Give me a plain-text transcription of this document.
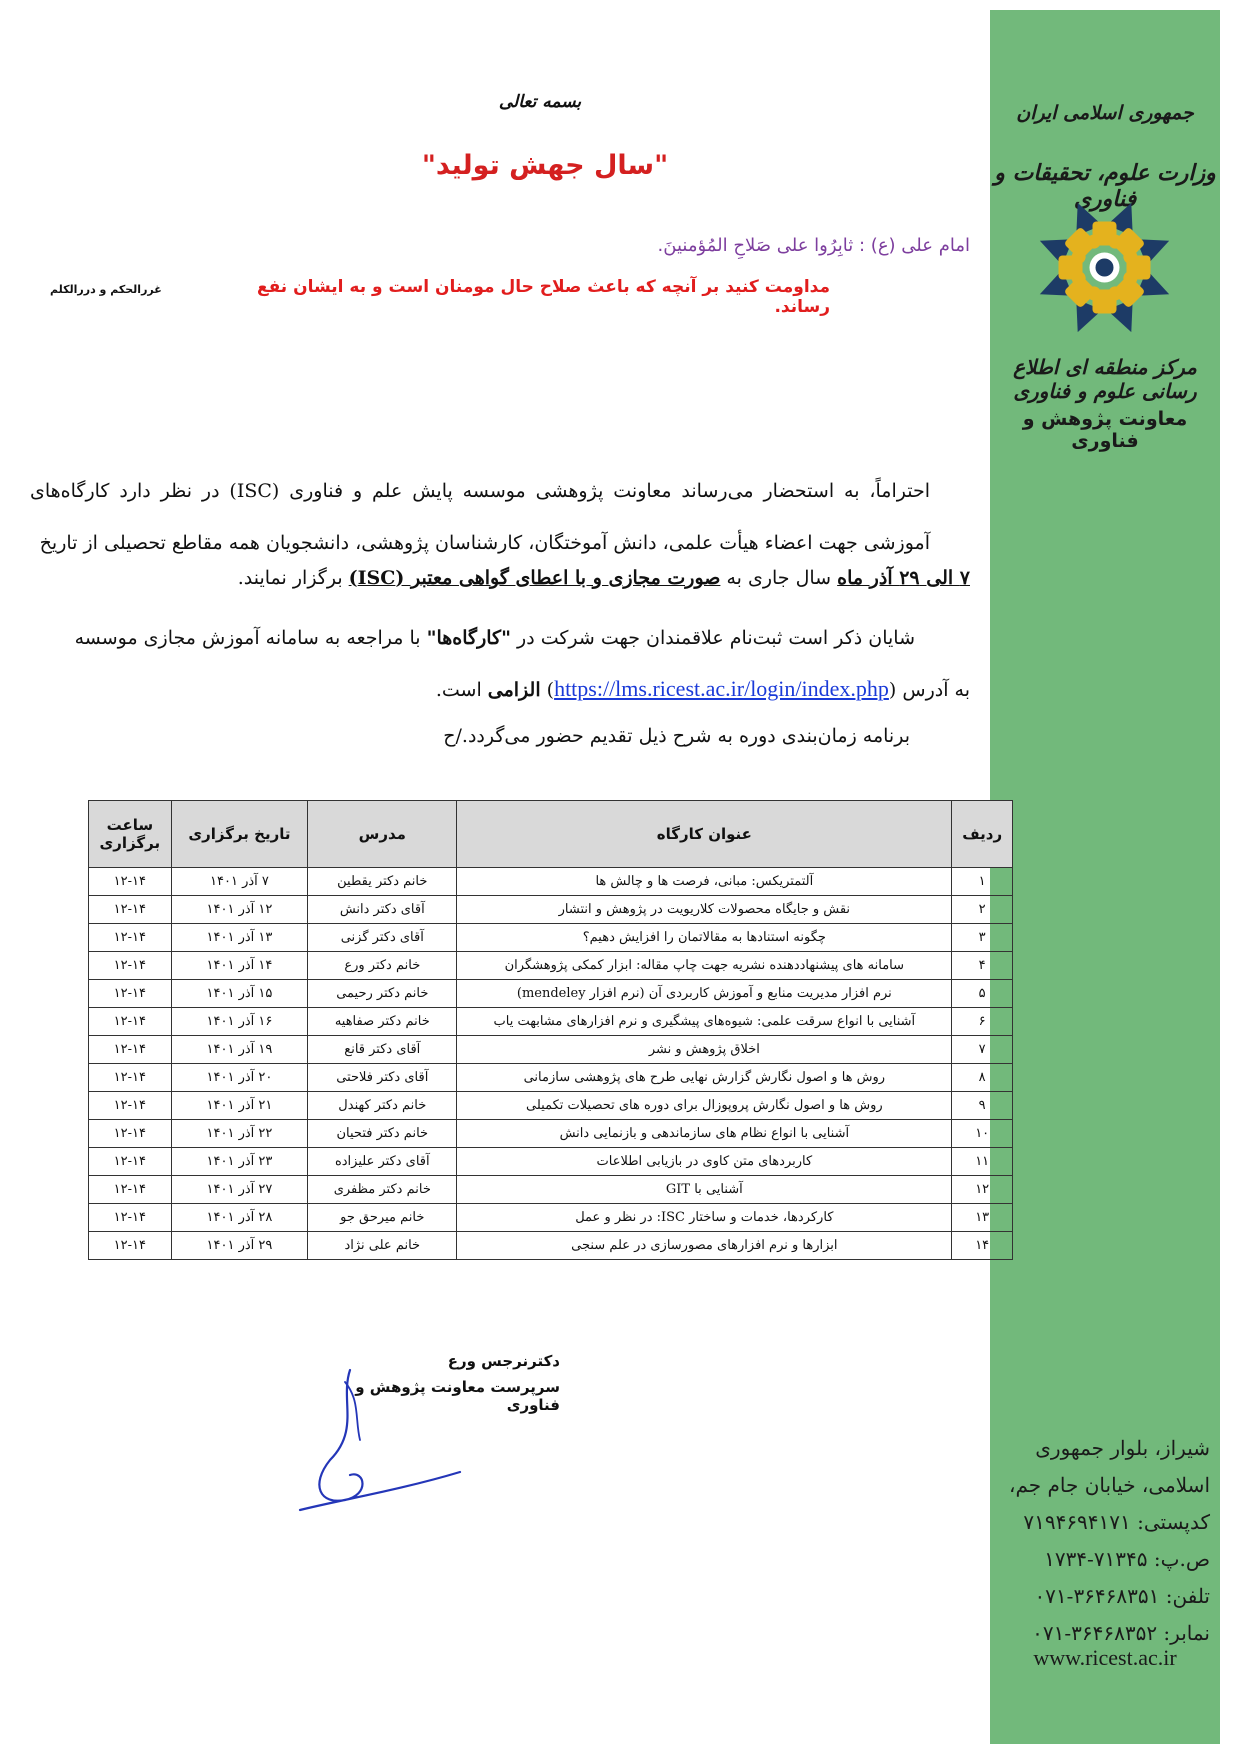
جمهوری اسلامی ایران
وزارت علوم، تحقیقات و فناوری
مرکز منطقه ای اطلاع رسانی علوم و فناوری
معاونت پژوهش و فناوری
شیراز، بلوار جمهوری
اسلامی، خیابان جام جم،
کدپستی: ۷۱۹۴۶۹۴۱۷۱
ص.پ: ۷۱۳۴۵-۱۷۳۴
تلفن: ۳۶۴۶۸۳۵۱-۰۷۱
نمابر: ۳۶۴۶۸۳۵۲-۰۷۱
www.ricest.ac.ir
بسمه تعالی
"سال جهش تولید"
امام علی (ع) : ثابِرُوا علی صَلاحِ المُؤمنینَ.
مداومت کنید بر آنچه که باعث صلاح حال مومنان است و به ایشان نفع رساند.
غررالحکم و دررالکلم
احتراماً، به استحضار می‌رساند معاونت پژوهشی موسسه پایش علم و فناوری (ISC) در نظر دارد کارگاه‌های آموزشی جهت اعضاء هیأت علمی، دانش آموختگان، کارشناسان پژوهشی، دانشجویان همه مقاطع تحصیلی از تاریخ
۷ الی ۲۹ آذر ماه سال جاری به صورت مجازی و با اعطای گواهی معتبر (ISC) برگزار نمایند.
شایان ذکر است ثبت‌نام علاقمندان جهت شرکت در "کارگاه‌ها" با مراجعه به سامانه آموزش مجازی موسسه
به آدرس (https://lms.ricest.ac.ir/login/index.php) الزامی است.
برنامه زمان‌بندی دوره به شرح ذیل تقدیم حضور می‌گردد./ح
ردیف	عنوان کارگاه	مدرس	تاریخ برگزاری	ساعت برگزاری
۱	آلتمتریکس: مبانی، فرصت ها و چالش ها	خانم دکتر یقطین	۷ آذر ۱۴۰۱	۱۲-۱۴
۲	نقش و جایگاه محصولات کلاریویت در پژوهش و انتشار	آقای دکتر دانش	۱۲ آذر ۱۴۰۱	۱۲-۱۴
۳	چگونه استنادها به مقالاتمان را افزایش دهیم؟	آقای دکتر گزنی	۱۳ آذر ۱۴۰۱	۱۲-۱۴
۴	سامانه های پیشنهاددهنده نشریه جهت چاپ مقاله: ابزار کمکی پژوهشگران	خانم دکتر ورع	۱۴ آذر ۱۴۰۱	۱۲-۱۴
۵	نرم افزار مدیریت منابع و آموزش کاربردی آن (نرم افزار mendeley)	خانم دکتر رحیمی	۱۵ آذر ۱۴۰۱	۱۲-۱۴
۶	آشنایی با انواع سرقت علمی: شیوه‌های پیشگیری و نرم افزارهای مشابهت یاب	خانم دکتر صفاهیه	۱۶ آذر ۱۴۰۱	۱۲-۱۴
۷	اخلاق پژوهش و نشر	آقای دکتر قانع	۱۹ آذر ۱۴۰۱	۱۲-۱۴
۸	روش ها و اصول نگارش گزارش نهایی طرح های پژوهشی سازمانی	آقای دکتر فلاحتی	۲۰ آذر ۱۴۰۱	۱۲-۱۴
۹	روش ها و اصول نگارش پروپوزال برای دوره های تحصیلات تکمیلی	خانم دکتر کهندل	۲۱ آذر ۱۴۰۱	۱۲-۱۴
۱۰	آشنایی با انواع نظام های سازماندهی و بازنمایی دانش	خانم دکتر فتحیان	۲۲ آذر ۱۴۰۱	۱۲-۱۴
۱۱	کاربردهای متن کاوی در بازیابی اطلاعات	آقای دکتر علیزاده	۲۳ آذر ۱۴۰۱	۱۲-۱۴
۱۲	آشنایی با GIT	خانم دکتر مظفری	۲۷ آذر ۱۴۰۱	۱۲-۱۴
۱۳	کارکردها، خدمات و ساختار ISC: در نظر و عمل	خانم میرحق جو	۲۸ آذر ۱۴۰۱	۱۲-۱۴
۱۴	ابزارها و نرم افزارهای مصورسازی در علم سنجی	خانم علی نژاد	۲۹ آذر ۱۴۰۱	۱۲-۱۴
دکترنرجس ورع
سرپرست معاونت پژوهش و فناوری
